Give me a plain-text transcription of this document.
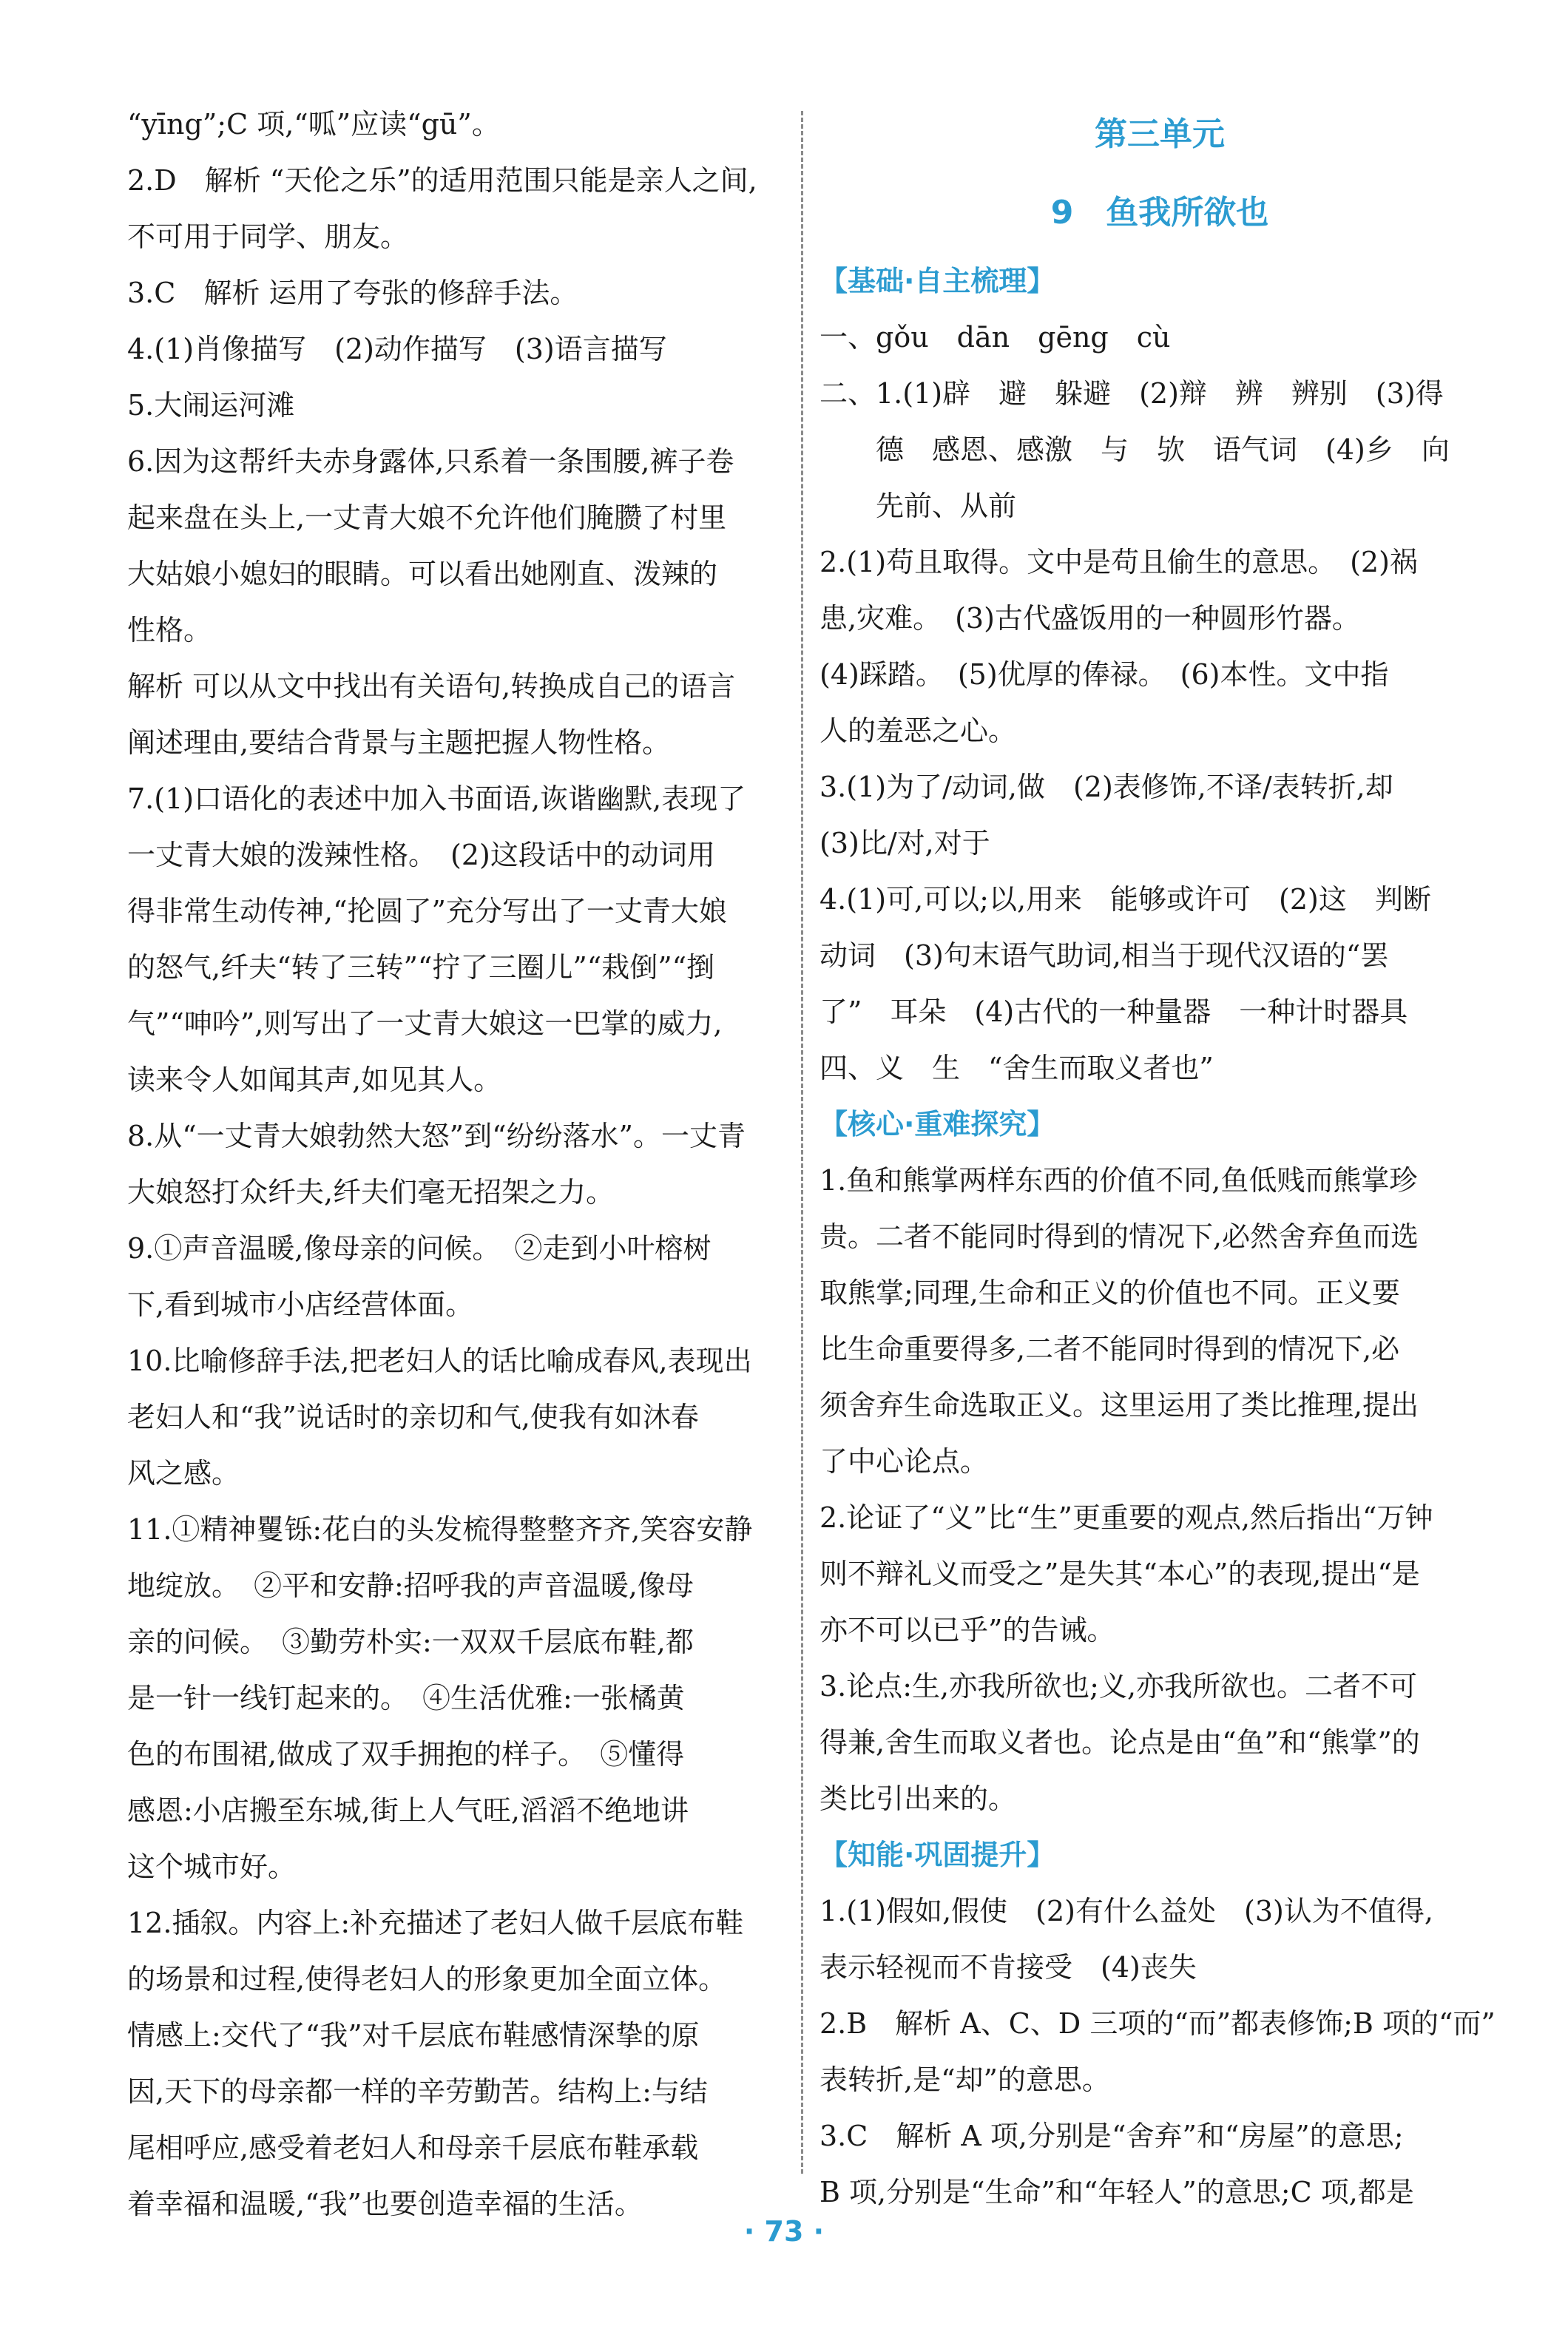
“yīng”;C 项,“呱”应读“gū”。
2.D　解析 “天伦之乐”的适用范围只能是亲人之间,
不可用于同学、朋友。
3.C　解析 运用了夸张的修辞手法。
4.(1)肖像描写　(2)动作描写　(3)语言描写
5.大闹运河滩
6.因为这帮纤夫赤身露体,只系着一条围腰,裤子卷
起来盘在头上,一丈青大娘不允许他们腌臜了村里
大姑娘小媳妇的眼睛。可以看出她刚直、泼辣的
性格。
解析 可以从文中找出有关语句,转换成自己的语言
阐述理由,要结合背景与主题把握人物性格。
7.(1)口语化的表述中加入书面语,诙谐幽默,表现了
一丈青大娘的泼辣性格。　(2)这段话中的动词用
得非常生动传神,“抡圆了”充分写出了一丈青大娘
的怒气,纤夫“转了三转”“拧了三圈儿”“栽倒”“捯
气”“呻吟”,则写出了一丈青大娘这一巴掌的威力,
读来令人如闻其声,如见其人。
8.从“一丈青大娘勃然大怒”到“纷纷落水”。一丈青
大娘怒打众纤夫,纤夫们毫无招架之力。
9.①声音温暖,像母亲的问候。　②走到小叶榕树
下,看到城市小店经营体面。
10.比喻修辞手法,把老妇人的话比喻成春风,表现出
老妇人和“我”说话时的亲切和气,使我有如沐春
风之感。
11.①精神矍铄:花白的头发梳得整整齐齐,笑容安静
地绽放。　②平和安静:招呼我的声音温暖,像母
亲的问候。　③勤劳朴实:一双双千层底布鞋,都
是一针一线钉起来的。　④生活优雅:一张橘黄
色的布围裙,做成了双手拥抱的样子。　⑤懂得
感恩:小店搬至东城,街上人气旺,滔滔不绝地讲
这个城市好。
12.插叙。内容上:补充描述了老妇人做千层底布鞋
的场景和过程,使得老妇人的形象更加全面立体。
情感上:交代了“我”对千层底布鞋感情深挚的原
因,天下的母亲都一样的辛劳勤苦。结构上:与结
尾相呼应,感受着老妇人和母亲千层底布鞋承载
着幸福和温暖,“我”也要创造幸福的生活。
第三单元
9　鱼我所欲也
【基础·自主梳理】
一、gǒu　dān　gēng　cù
二、1.(1)辟　避　躲避　(2)辩　辨　辨别　(3)得
　　德　感恩、感激　与　欤　语气词　(4)乡　向
　　先前、从前
2.(1)苟且取得。文中是苟且偷生的意思。　(2)祸
患,灾难。　(3)古代盛饭用的一种圆形竹器。
(4)踩踏。　(5)优厚的俸禄。　(6)本性。文中指
人的羞恶之心。
3.(1)为了/动词,做　(2)表修饰,不译/表转折,却
(3)比/对,对于
4.(1)可,可以;以,用来　能够或许可　(2)这　判断
动词　(3)句末语气助词,相当于现代汉语的“罢
了”　耳朵　(4)古代的一种量器　一种计时器具
四、义　生　“舍生而取义者也”
【核心·重难探究】
1.鱼和熊掌两样东西的价值不同,鱼低贱而熊掌珍
贵。二者不能同时得到的情况下,必然舍弃鱼而选
取熊掌;同理,生命和正义的价值也不同。正义要
比生命重要得多,二者不能同时得到的情况下,必
须舍弃生命选取正义。这里运用了类比推理,提出
了中心论点。
2.论证了“义”比“生”更重要的观点,然后指出“万钟
则不辩礼义而受之”是失其“本心”的表现,提出“是
亦不可以已乎”的告诫。
3.论点:生,亦我所欲也;义,亦我所欲也。二者不可
得兼,舍生而取义者也。论点是由“鱼”和“熊掌”的
类比引出来的。
【知能·巩固提升】
1.(1)假如,假使　(2)有什么益处　(3)认为不值得,
表示轻视而不肯接受　(4)丧失
2.B　解析 A、C、D 三项的“而”都表修饰;B 项的“而”
表转折,是“却”的意思。
3.C　解析 A 项,分别是“舍弃”和“房屋”的意思;
B 项,分别是“生命”和“年轻人”的意思;C 项,都是
· 73 ·
